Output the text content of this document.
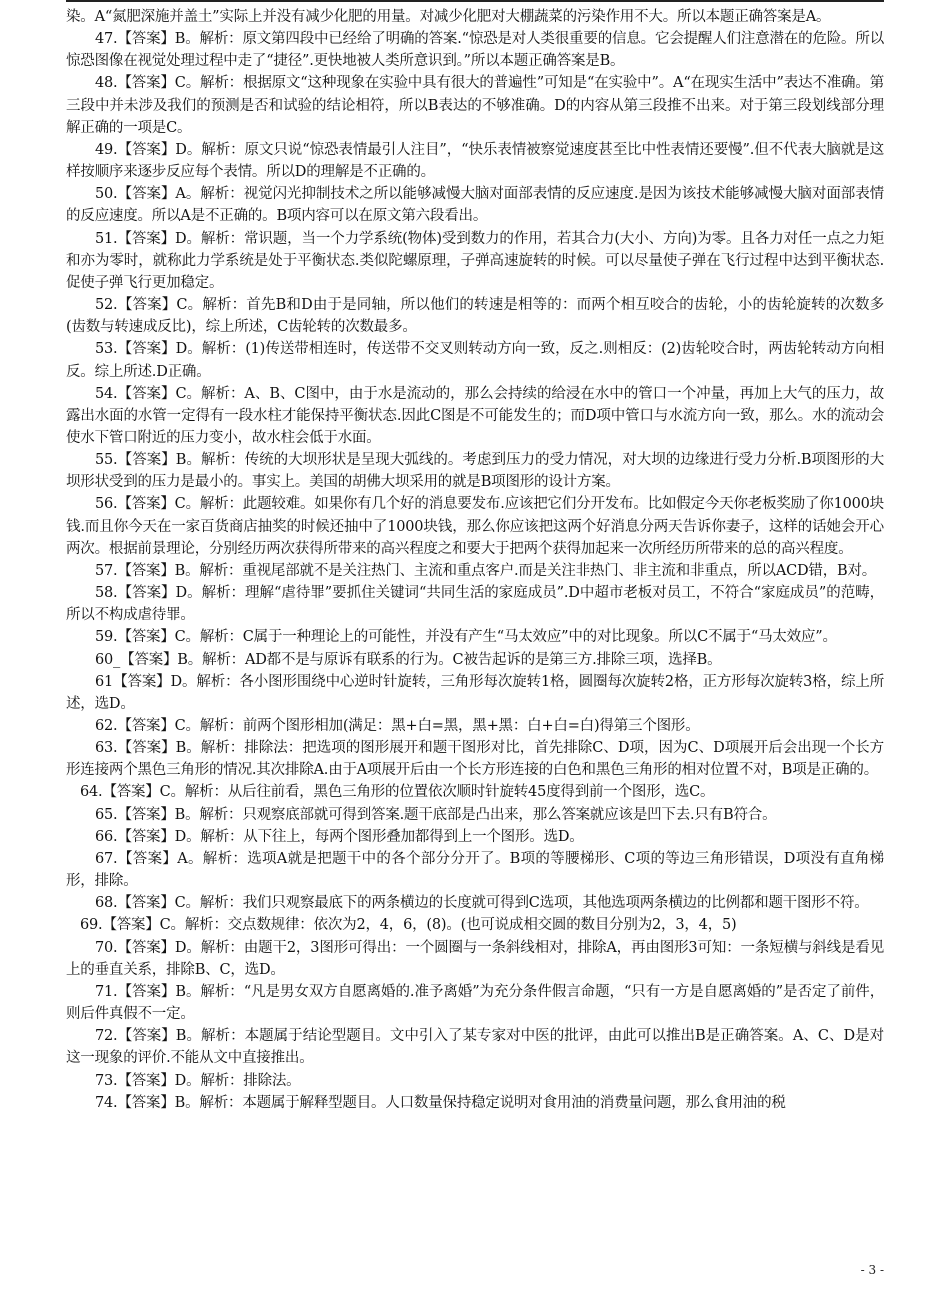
染。A“氮肥深施并盖土”实际上并没有减少化肥的用量。对减少化肥对大棚蔬菜的污染作用不大。所以本题正确答案是A。

47.【答案】B。解析：原文第四段中已经给了明确的答案.“惊恐是对人类很重要的信息。它会提醒人们注意潜在的危险。所以惊恐图像在视觉处理过程中走了“捷径”.更快地被人类所意识到。”所以本题正确答案是B。

48.【答案】C。解析：根据原文“这种现象在实验中具有很大的普遍性”可知是“在实验中”。A“在现实生活中”表达不准确。第三段中并未涉及我们的预测是否和试验的结论相符，所以B表达的不够准确。D的内容从第三段推不出来。对于第三段划线部分理解正确的一项是C。

49.【答案】D。解析：原文只说“惊恐表情最引人注目”，“快乐表情被察觉速度甚至比中性表情还要慢”.但不代表大脑就是这样按顺序来逐步反应每个表情。所以D的理解是不正确的。

50.【答案】A。解析：视觉闪光抑制技术之所以能够减慢大脑对面部表情的反应速度.是因为该技术能够减慢大脑对面部表情的反应速度。所以A是不正确的。B项内容可以在原文第六段看出。

51.【答案】D。解析：常识题，当一个力学系统(物体)受到数力的作用，若其合力(大小、方向)为零。且各力对任一点之力矩和亦为零时，就称此力学系统是处于平衡状态.类似陀螺原理，子弹高速旋转的时候。可以尽量使子弹在飞行过程中达到平衡状态.促使子弹飞行更加稳定。

52.【答案】C。解析：首先B和D由于是同轴，所以他们的转速是相等的：而两个相互咬合的齿轮，小的齿轮旋转的次数多(齿数与转速成反比)，综上所述，C齿轮转的次数最多。

53.【答案】D。解析：(1)传送带相连时，传送带不交叉则转动方向一致，反之.则相反：(2)齿轮咬合时，两齿轮转动方向相反。综上所述.D正确。

54.【答案】C。解析：A、B、C图中，由于水是流动的，那么会持续的给浸在水中的管口一个冲量，再加上大气的压力，故露出水面的水管一定得有一段水柱才能保持平衡状态.因此C图是不可能发生的；而D项中管口与水流方向一致，那么。水的流动会使水下管口附近的压力变小，故水柱会低于水面。

55.【答案】B。解析：传统的大坝形状是呈现大弧线的。考虑到压力的受力情况，对大坝的边缘进行受力分析.B项图形的大坝形状受到的压力是最小的。事实上。美国的胡佛大坝采用的就是B项图形的设计方案。

56.【答案】C。解析：此题较难。如果你有几个好的消息要发布.应该把它们分开发布。比如假定今天你老板奖励了你1000块钱.而且你今天在一家百货商店抽奖的时候还抽中了1000块钱，那么你应该把这两个好消息分两天告诉你妻子，这样的话她会开心两次。根据前景理论，分别经历两次获得所带来的高兴程度之和要大于把两个获得加起来一次所经历所带来的总的高兴程度。

57.【答案】B。解析：重视尾部就不是关注热门、主流和重点客户.而是关注非热门、非主流和非重点，所以ACD错，B对。

58.【答案】D。解析：理解“虐待罪”要抓住关键词“共同生活的家庭成员”.D中超市老板对员工，不符合“家庭成员”的范畴，所以不构成虐待罪。

59.【答案】C。解析：C属于一种理论上的可能性，并没有产生“马太效应”中的对比现象。所以C不属于“马太效应”。

60_【答案】B。解析：AD都不是与原诉有联系的行为。C被告起诉的是第三方.排除三项，选择B。

61【答案】D。解析：各小图形围绕中心逆时针旋转，三角形每次旋转1格，圆圈每次旋转2格，正方形每次旋转3格，综上所述，选D。

62.【答案】C。解析：前两个图形相加(满足：黑+白=黑，黑+黑：白+白=白)得第三个图形。

63.【答案】B。解析：排除法：把选项的图形展开和题干图形对比，首先排除C、D项，因为C、D项展开后会出现一个长方形连接两个黑色三角形的情况.其次排除A.由于A项展开后由一个长方形连接的白色和黑色三角形的相对位置不对，B项是正确的。

64.【答案】C。解析：从后往前看，黑色三角形的位置依次顺时针旋转45度得到前一个图形，选C。

65.【答案】B。解析：只观察底部就可得到答案.题干底部是凸出来，那么答案就应该是凹下去.只有B符合。

66.【答案】D。解析：从下往上，每两个图形叠加都得到上一个图形。选D。

67.【答案】A。解析：选项A就是把题干中的各个部分分开了。B项的等腰梯形、C项的等边三角形错误，D项没有直角梯形，排除。

68.【答案】C。解析：我们只观察最底下的两条横边的长度就可得到C选项，其他选项两条横边的比例都和题干图形不符。

69.【答案】C。解析：交点数规律：依次为2，4，6，(8)。(也可说成相交圆的数目分别为2，3，4，5)

70.【答案】D。解析：由题干2，3图形可得出：一个圆圈与一条斜线相对，排除A，再由图形3可知：一条短横与斜线是看见上的垂直关系，排除B、C，选D。

71.【答案】B。解析：“凡是男女双方自愿离婚的.准予离婚”为充分条件假言命题，“只有一方是自愿离婚的”是否定了前件，则后件真假不一定。

72.【答案】B。解析：本题属于结论型题目。文中引入了某专家对中医的批评，由此可以推出B是正确答案。A、C、D是对这一现象的评价.不能从文中直接推出。

73.【答案】D。解析：排除法。

74.【答案】B。解析：本题属于解释型题目。人口数量保持稳定说明对食用油的消费量问题，那么食用油的税

- 3 -
